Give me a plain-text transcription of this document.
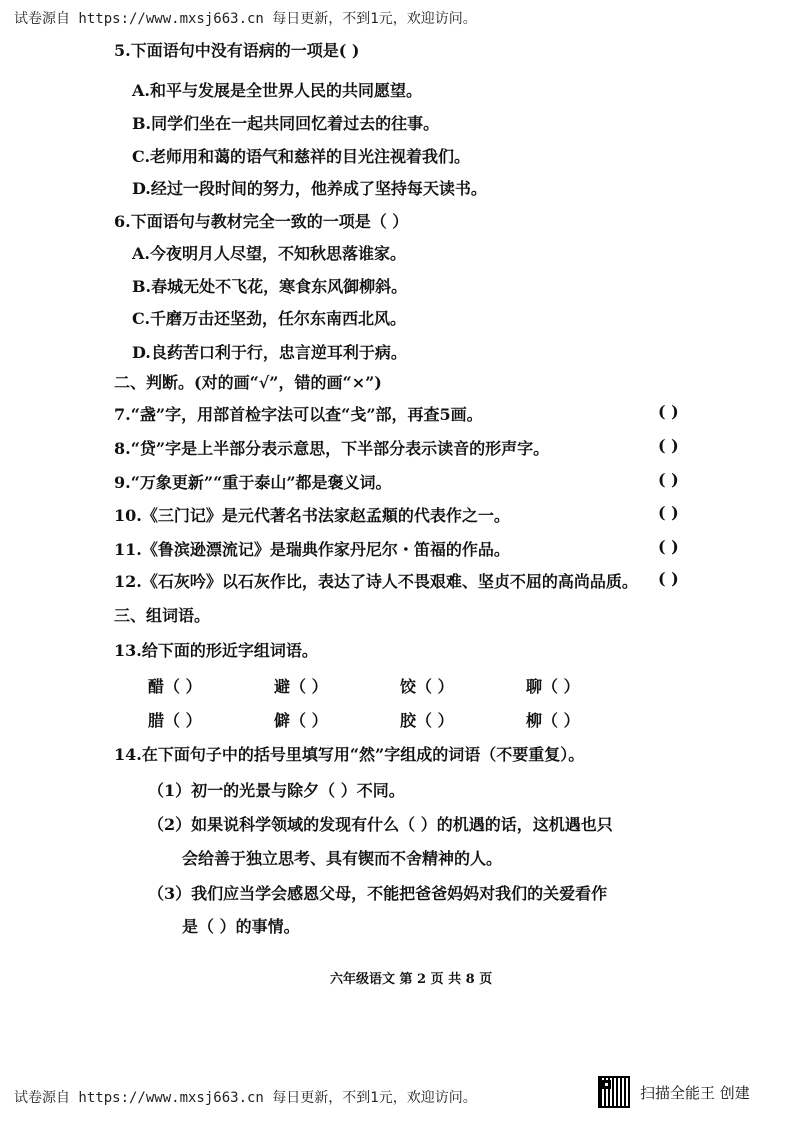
试卷源自 https://www.mxsj663.cn 每日更新，不到1元，欢迎访问。
5.下面语句中没有语病的一项是( )
A.和平与发展是全世界人民的共同愿望。
B.同学们坐在一起共同回忆着过去的往事。
C.老师用和蔼的语气和慈祥的目光注视着我们。
D.经过一段时间的努力，他养成了坚持每天读书。
6.下面语句与教材完全一致的一项是（ ）
A.今夜明月人尽望，不知秋思落谁家。
B.春城无处不飞花，寒食东风御柳斜。
C.千磨万击还坚劲，任尔东南西北风。
D.良药苦口利于行，忠言逆耳利于病。
二、判断。(对的画“√”，错的画“×”)
7.“盏”字，用部首检字法可以查“戋”部，再查5画。	( )
8.“贷”字是上半部分表示意思，下半部分表示读音的形声字。	( )
9.“万象更新”“重于泰山”都是褒义词。	( )
10.《三门记》是元代著名书法家赵孟頫的代表作之一。	( )
11.《鲁滨逊漂流记》是瑞典作家丹尼尔・笛福的作品。	( )
12.《石灰吟》以石灰作比，表达了诗人不畏艰难、坚贞不屈的高尚品质。 ( )
三、组词语。
13.给下面的形近字组词语。
醋（ ）	避（ ）	饺（ ）	聊（ ）
腊（ ）	僻（ ）	胶（ ）	柳（ ）
14.在下面句子中的括号里填写用“然”字组成的词语（不要重复）。
（1）初一的光景与除夕（ ）不同。
（2）如果说科学领域的发现有什么（ ）的机遇的话，这机遇也只
会给善于独立思考、具有锲而不舍精神的人。
（3）我们应当学会感恩父母，不能把爸爸妈妈对我们的关爱看作
是（ ）的事情。
六年级语文 第 2 页 共 8 页
试卷源自 https://www.mxsj663.cn 每日更新，不到1元，欢迎访问。	扫描全能王 创建
